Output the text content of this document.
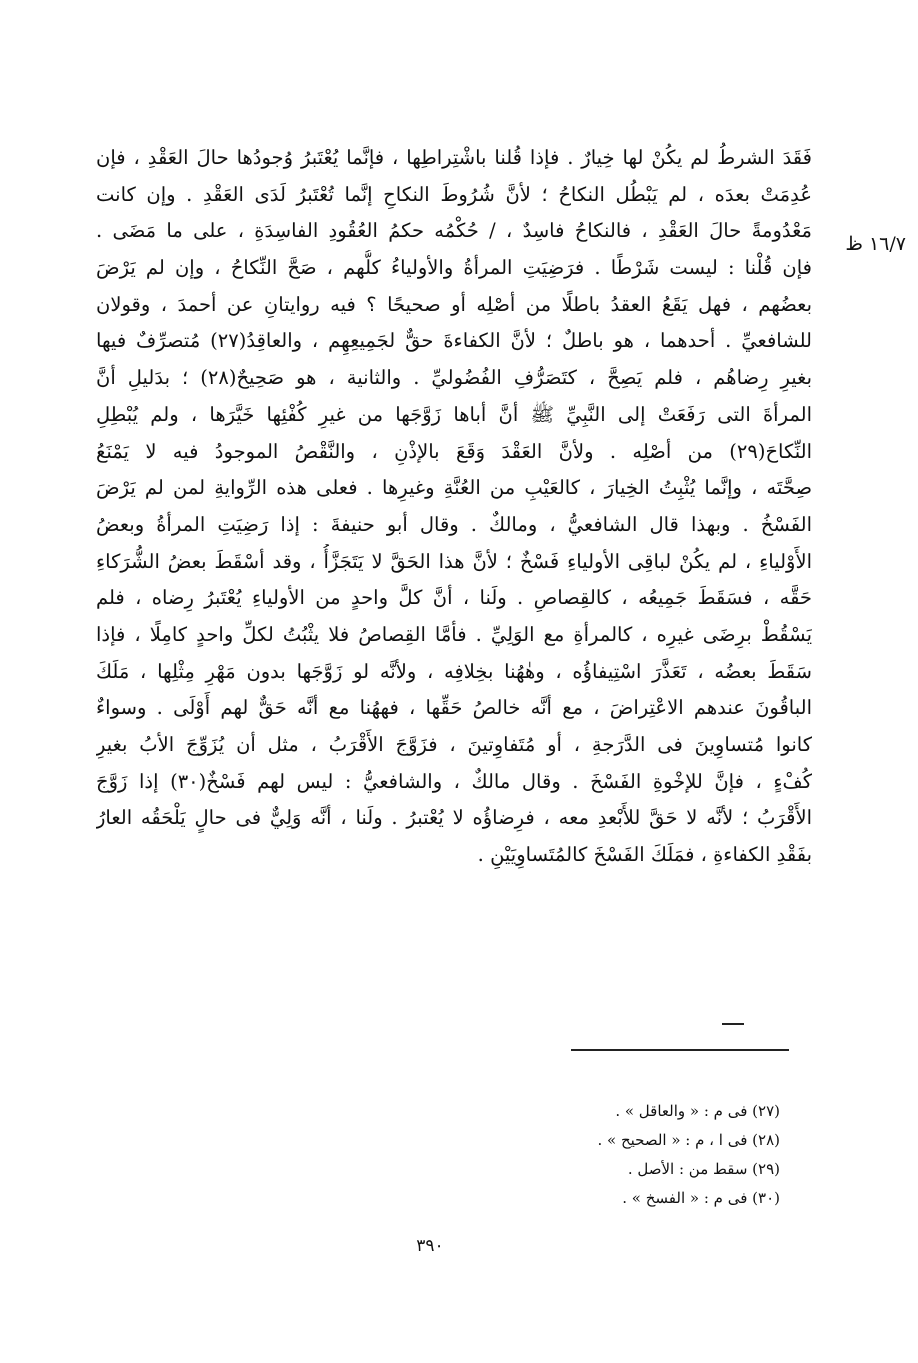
١٦/٧ ظ
فَقَدَ الشرطُ لم يكُنْ لها خِيارٌ . فإذا قُلنا باشْتِراطِها ، فإنَّما يُعْتَبرُ وُجودُها حالَ العَقْدِ ، فإن
عُدِمَتْ بعدَه ، لم يَبْطُل النكاحُ ؛ لأنَّ شُرُوطَ النكاحِ إنَّما تُعْتَبرُ لَدَى العَقْدِ . وإن كانت
مَعْدُومةً حالَ العَقْدِ ، فالنكاحُ فاسِدٌ ، / حُكْمُه حكمُ العُقُودِ الفاسِدَةِ ، على ما مَضَى .
فإن قُلْنا : ليست شَرْطًا . فرَضِيَتِ المرأةُ والأولياءُ كلُّهم ، صَحَّ النِّكاحُ ، وإن لم يَرْضَ
بعضُهم ، فهل يَقَعُ العقدُ باطلًا من أصْلِه أو صحيحًا ؟ فيه روايتانِ عن أحمدَ ، وقولان
للشافعيِّ . أحدهما ، هو باطلٌ ؛ لأنَّ الكفاءةَ حقٌّ لجَمِيعِهِم ، والعاقِدُ(٢٧) مُتصرِّفٌ فيها
بغيرِ رِضاهُم ، فلم يَصِحَّ ، كتَصَرُّفِ الفُضُوليِّ . والثانية ، هو صَحِيحٌ(٢٨) ؛ بدَليلِ أنَّ
المرأةَ التى رَفَعَتْ إلى النَّبِيِّ ﷺ أنَّ أباها زَوَّجَها من غيرِ كُفْئِها خَيَّرَها ، ولم يُبْطِلِ
النِّكاحَ(٢٩) من أصْلِه . ولأنَّ العَقْدَ وَقَعَ بالإذْنِ ، والنَّقْصُ الموجودُ فيه لا يَمْنَعُ
صِحَّتَه ، وإنَّما يُثْبِتُ الخِيارَ ، كالعَيْبِ من العُنَّةِ وغيرِها . فعلى هذه الرِّوايةِ لمن لم يَرْضَ
الفَسْخُ . وبهذا قال الشافعيُّ ، ومالكٌ . وقال أبو حنيفةَ : إذا رَضِيَتِ المرأةُ وبعضُ
الأَوْلياءِ ، لم يكُنْ لباقِى الأولياءِ فَسْخٌ ؛ لأنَّ هذا الحَقَّ لا يَتَجَزَّأُ ، وقد أسْقَطَ بعضُ الشُّرَكاءِ
حَقَّه ، فسَقَطَ جَمِيعُه ، كالقِصاصِ . ولَنا ، أنَّ كلَّ واحدٍ من الأولياءِ يُعْتَبرُ رِضاه ، فلم
يَسْقُطْ برِضَى غيرِه ، كالمرأةِ مع الوَلِيِّ . فأمَّا القِصاصُ فلا يثْبُتُ لكلِّ واحدٍ كامِلًا ، فإذا
سَقَطَ بعضُه ، تَعَذَّرَ اسْتِيفاؤُه ، وهٰهُنا بخِلافِه ، ولأنَّه لو زَوَّجَها بدون مَهْرِ مِثْلِها ، مَلَكَ
الباقُونَ عندهم الاعْتِراضَ ، مع أنَّه خالصُ حَقِّها ، فههُنا مع أنَّه حَقٌّ لهم أَوْلَى . وسواءٌ
كانوا مُتساوِينَ فى الدَّرَجةِ ، أو مُتَفاوِتينَ ، فزَوَّجَ الأَقْرَبُ ، مثل أن يُزَوِّجَ الأبُ بغيرِ
كُفْءٍ ، فإنَّ للإخْوةِ الفَسْخَ . وقال مالكٌ ، والشافعيُّ : ليس لهم فَسْخٌ(٣٠) إذا زَوَّجَ
الأَقْرَبُ ؛ لأنَّه لا حَقَّ للأَبْعدِ معه ، فرِضاؤُه لا يُعْتبرُ . ولَنا ، أنَّه وَلِيٌّ فى حالٍ يَلْحَقُه العارُ
بفَقْدِ الكفاءةِ ، فمَلَكَ الفَسْخَ كالمُتَساوِيَيْنِ .
(٢٧) فى م : « والعاقل » .
(٢٨) فى ا ، م : « الصحيح » .
(٢٩) سقط من : الأصل .
(٣٠) فى م : « الفسخ » .
٣٩٠
